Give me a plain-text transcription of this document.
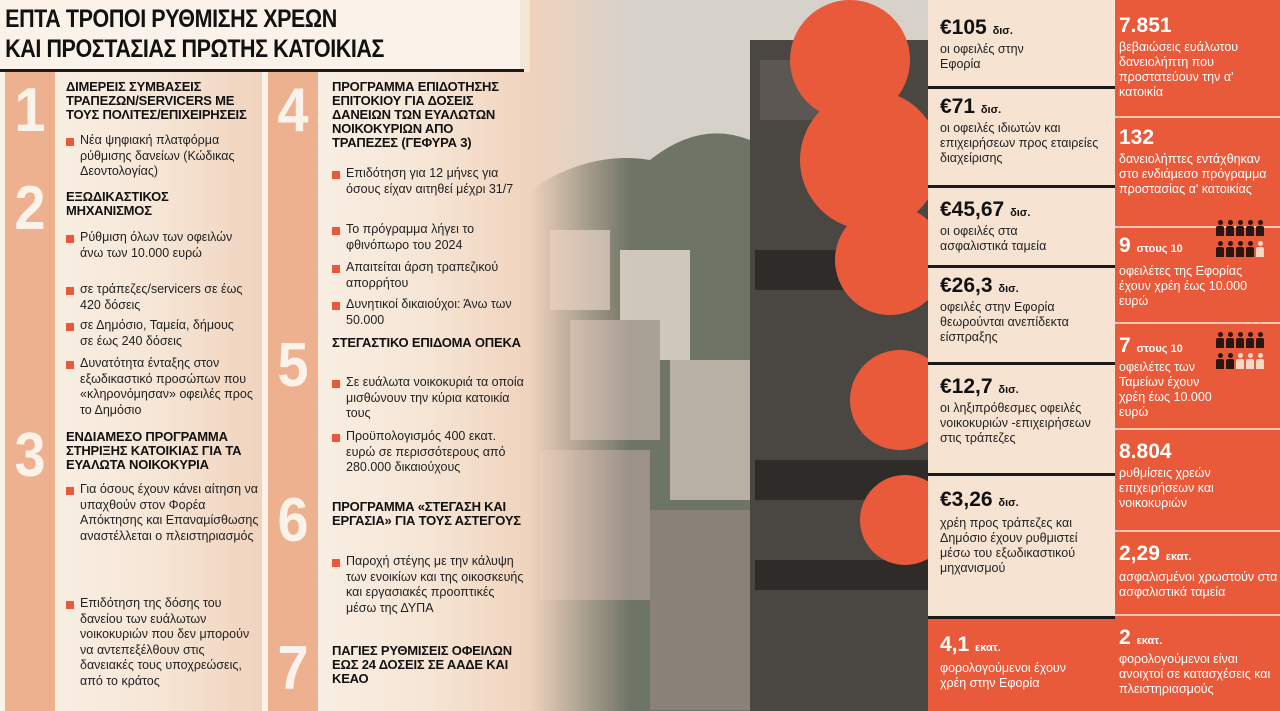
ΕΠΤΑ ΤΡΟΠΟΙ ΡΥΘΜΙΣΗΣ ΧΡΕΩΝ
ΚΑΙ ΠΡΟΣΤΑΣΙΑΣ ΠΡΩΤΗΣ ΚΑΤΟΙΚΙΑΣ
1
2
3
4
5
6
7
ΔΙΜΕΡΕΙΣ ΣΥΜΒΑΣΕΙΣ ΤΡΑΠΕΖΩΝ/SERVICERS ΜΕ ΤΟΥΣ ΠΟΛΙΤΕΣ/ΕΠΙΧΕΙΡΗΣΕΙΣ
Νέα ψηφιακή πλατφόρμα ρύθμισης δανείων (Κώδικας Δεοντολογίας)
ΕΞΩΔΙΚΑΣΤΙΚΟΣ ΜΗΧΑΝΙΣΜΟΣ
Ρύθμιση όλων των οφειλών άνω των 10.000 ευρώ
σε τράπεζες/servicers σε έως 420 δόσεις
σε Δημόσιο, Ταμεία, δήμους σε έως 240 δόσεις
Δυνατότητα ένταξης στον εξωδικαστικό προσώπων που «κληρονόμησαν» οφειλές προς το Δημόσιο
ΕΝΔΙΑΜΕΣΟ ΠΡΟΓΡΑΜΜΑ ΣΤΗΡΙΞΗΣ ΚΑΤΟΙΚΙΑΣ ΓΙΑ ΤΑ ΕΥΑΛΩΤΑ ΝΟΙΚΟΚΥΡΙΑ
Για όσους έχουν κάνει αίτηση να υπαχθούν στον Φορέα Απόκτησης και Επαναμίσθωσης αναστέλλεται ο πλειστηριασμός
Επιδότηση της δόσης του δανείου των ευάλωτων νοικοκυριών που δεν μπορούν να αντεπεξέλθουν στις δανειακές τους υποχρεώσεις, από το κράτος
ΠΡΟΓΡΑΜΜΑ ΕΠΙΔΟΤΗΣΗΣ ΕΠΙΤΟΚΙΟΥ ΓΙΑ ΔΟΣΕΙΣ ΔΑΝΕΙΩΝ ΤΩΝ ΕΥΑΛΩΤΩΝ ΝΟΙΚΟΚΥΡΙΩΝ ΑΠΟ ΤΡΑΠΕΖΕΣ (ΓΕΦΥΡΑ 3)
Επιδότηση για 12 μήνες για όσους είχαν αιτηθεί μέχρι 31/7
Το πρόγραμμα λήγει το φθινόπωρο του 2024
Απαιτείται άρση τραπεζικού απορρήτου
Δυνητικοί δικαιούχοι: Άνω των 50.000
ΣΤΕΓΑΣΤΙΚΟ ΕΠΙΔΟΜΑ ΟΠΕΚΑ
Σε ευάλωτα νοικοκυριά τα οποία μισθώνουν την κύρια κατοικία τους
Προϋπολογισμός 400 εκατ. ευρώ σε περισσότερους από 280.000 δικαιούχους
ΠΡΟΓΡΑΜΜΑ «ΣΤΕΓΑΣΗ ΚΑΙ ΕΡΓΑΣΙΑ» ΓΙΑ ΤΟΥΣ ΑΣΤΕΓΟΥΣ
Παροχή στέγης με την κάλυψη των ενοικίων και της οικοσκευής και εργασιακές προοπτικές μέσω της ΔΥΠΑ
ΠΑΓΙΕΣ ΡΥΘΜΙΣΕΙΣ ΟΦΕΙΛΩΝ ΕΩΣ 24 ΔΟΣΕΙΣ ΣΕ ΑΑΔΕ ΚΑΙ ΚΕΑΟ
€105 δισ.
οι οφειλές στην Εφορία
€71 δισ.
οι οφειλές ιδιωτών και επιχειρήσεων προς εταιρείες διαχείρισης
€45,67 δισ.
οι οφειλές στα ασφαλιστικά ταμεία
€26,3 δισ.
οφειλές στην Εφορία θεωρούνται ανεπίδεκτα είσπραξης
€12,7 δισ.
οι ληξιπρόθεσμες οφειλές νοικοκυριών -επιχειρήσεων στις τράπεζες
€3,26 δισ.
χρέη προς τράπεζες και Δημόσιο έχουν ρυθμιστεί μέσω του εξωδικαστικού μηχανισμού
4,1 εκατ.
φορολογούμενοι έχουν χρέη στην Εφορία
7.851
βεβαιώσεις ευάλωτου δανειολήπτη που προστατεύουν την α' κατοικία
132
δανειολήπτες εντάχθηκαν στο ενδιάμεσο πρόγραμμα προστασίας α' κατοικίας
9 στους 10

οφειλέτες της Εφορίας έχουν χρέη έως 10.000 ευρώ
7 στους 10

οφειλέτες των Ταμείων έχουν χρέη έως 10.000 ευρώ
8.804
ρυθμίσεις χρεών επιχειρήσεων και νοικοκυριών
2,29 εκατ.
ασφαλισμένοι χρωστούν στα ασφαλιστικά ταμεία
2 εκατ.
φορολογούμενοι είναι ανοιχτοί σε κατασχέσεις και πλειστηριασμούς
